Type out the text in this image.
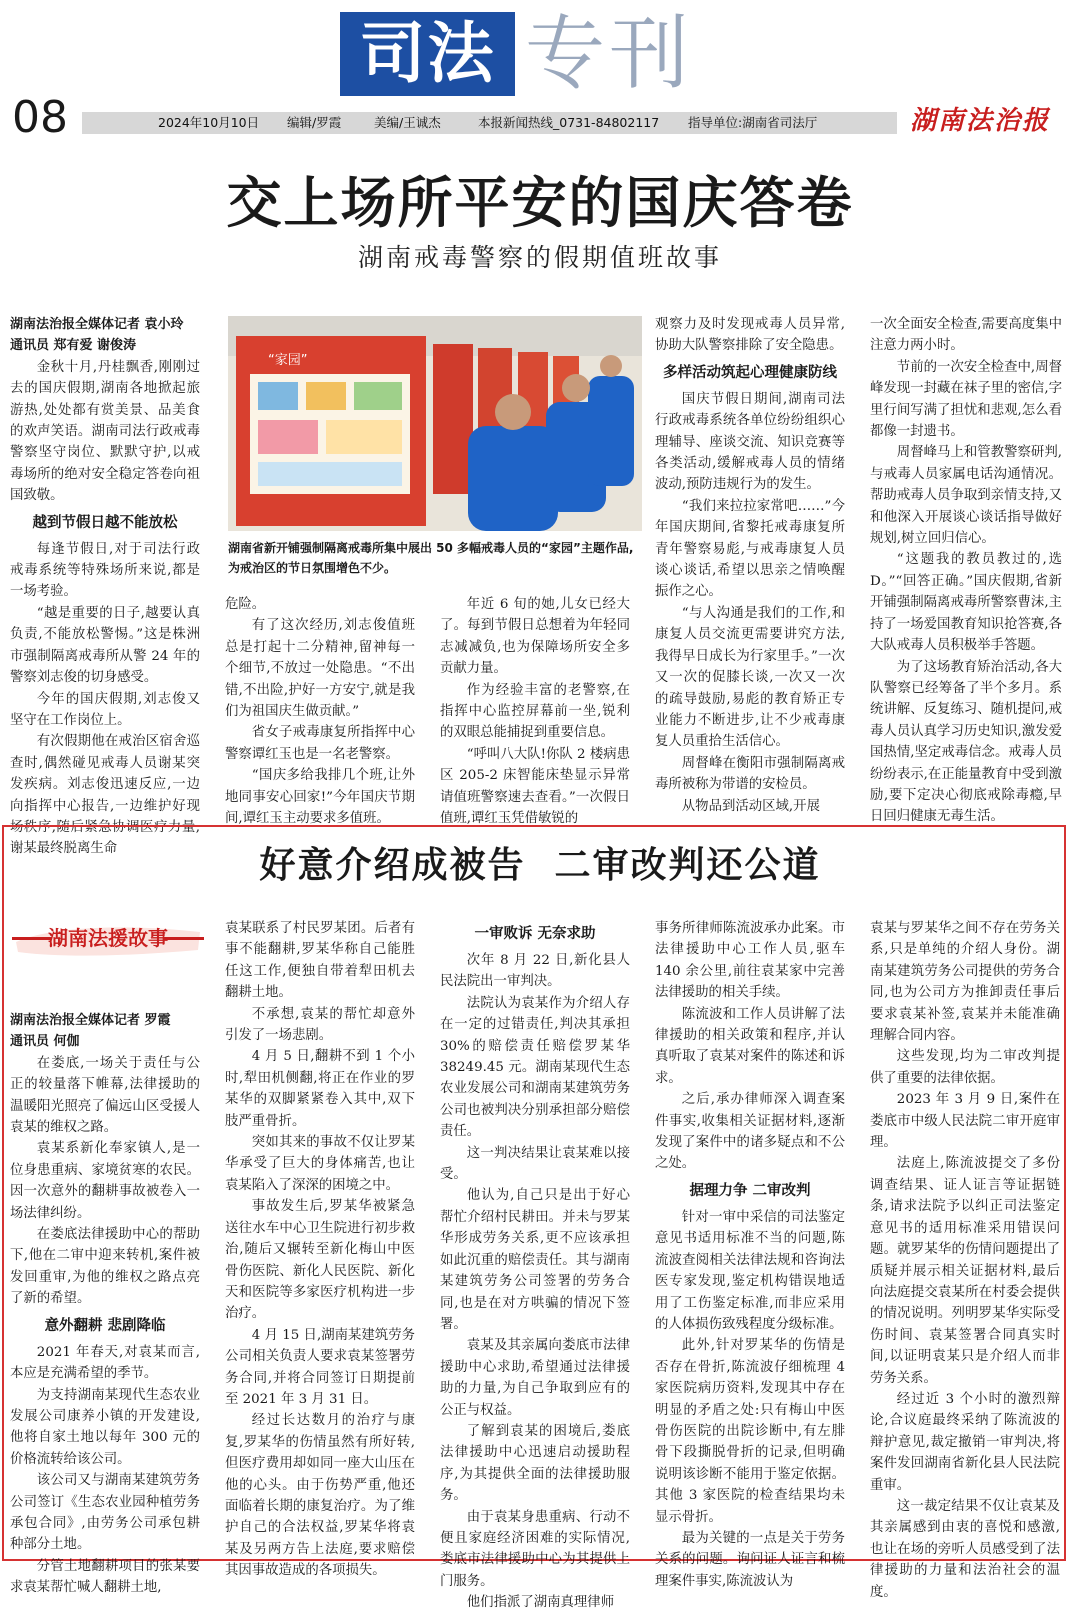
司法 专刊
08	2024年10月10日 编辑/罗霞	美编/王诚杰	本报新闻热线_0731-84802117 指导单位:湖南省司法厅	湖南法治报
交上场所平安的国庆答卷
湖南戒毒警察的假期值班故事

湖南法治报全媒体记者 袁小玲

通讯员 郑有爱 谢俊涛

金秋十月,丹桂飘香,刚刚过去的国庆假期,湖南各地掀起旅游热,处处都有赏美景、品美食的欢声笑语。湖南司法行政戒毒警察坚守岗位、默默守护,以戒毒场所的绝对安全稳定答卷向祖国致敬。

越到节假日越不能放松

每逢节假日,对于司法行政戒毒系统等特殊场所来说,都是一场考验。

“越是重要的日子,越要认真负责,不能放松警惕。”这是株洲市强制隔离戒毒所从警 24 年的警察刘志俊的切身感受。

今年的国庆假期,刘志俊又坚守在工作岗位上。

有次假期他在戒治区宿舍巡查时,偶然碰见戒毒人员谢某突发疾病。刘志俊迅速反应,一边向指挥中心报告,一边维护好现场秩序,随后紧急协调医疗力量,谢某最终脱离生命

“家园”
湖南省新开铺强制隔离戒毒所集中展出 50 多幅戒毒人员的“家园”主题作品,为戒治区的节日氛围增色不少。

危险。

有了这次经历,刘志俊值班总是打起十二分精神,留神每一个细节,不放过一处隐患。“不出错,不出险,护好一方安宁,就是我们为祖国庆生做贡献。”

省女子戒毒康复所指挥中心警察谭红玉也是一名老警察。

“国庆多给我排几个班,让外地同事安心回家!”今年国庆节期间,谭红玉主动要求多值班。

年近 6 旬的她,儿女已经大了。每到节假日总想着为年轻同志减减负,也为保障场所安全多贡献力量。

作为经验丰富的老警察,在指挥中心监控屏幕前一坐,锐利的双眼总能捕捉到重要信息。

“呼叫八大队!你队 2 楼病患区 205-2 床智能床垫显示异常请值班警察速去查看。”一次假日值班,谭红玉凭借敏锐的

观察力及时发现戒毒人员异常,协助大队警察排除了安全隐患。

多样活动筑起心理健康防线

国庆节假日期间,湖南司法行政戒毒系统各单位纷纷组织心理辅导、座谈交流、知识竞赛等各类活动,缓解戒毒人员的情绪波动,预防违规行为的发生。

“我们来拉拉家常吧……”今年国庆期间,省黎托戒毒康复所青年警察易彪,与戒毒康复人员谈心谈话,希望以思亲之情唤醒振作之心。

“与人沟通是我们的工作,和康复人员交流更需要讲究方法,我得早日成长为行家里手。”一次又一次的促膝长谈,一次又一次的疏导鼓励,易彪的教育矫正专业能力不断进步,让不少戒毒康复人员重拾生活信心。

周督峰在衡阳市强制隔离戒毒所被称为带谱的安检员。

从物品到活动区域,开展

一次全面安全检查,需要高度集中注意力两小时。

节前的一次安全检查中,周督峰发现一封藏在袜子里的密信,字里行间写满了担忧和悲观,怎么看都像一封遗书。

周督峰马上和管教警察研判,与戒毒人员家属电话沟通情况。帮助戒毒人员争取到亲情支持,又和他深入开展谈心谈话指导做好规划,树立回归信心。

“这题我的教员教过的,选 D。”“回答正确。”国庆假期,省新开铺强制隔离戒毒所警察曹沫,主持了一场爱国教育知识抢答赛,各大队戒毒人员积极举手答题。

为了这场教育矫治活动,各大队警察已经筹备了半个多月。系统讲解、反复练习、随机提问,戒毒人员认真学习历史知识,激发爱国热情,坚定戒毒信念。戒毒人员纷纷表示,在正能量教育中受到激励,要下定决心彻底戒除毒瘾,早日回归健康无毒生活。

好意介绍成被告  二审改判还公道
湖南法援故事

湖南法治报全媒体记者 罗霞

通讯员 何伽

在娄底,一场关于责任与公正的较量落下帷幕,法律援助的温暖阳光照亮了偏远山区受援人袁某的维权之路。

袁某系新化奉家镇人,是一位身患重病、家境贫寒的农民。因一次意外的翻耕事故被卷入一场法律纠纷。

在娄底法律援助中心的帮助下,他在二审中迎来转机,案件被发回重审,为他的维权之路点亮了新的希望。

意外翻耕 悲剧降临

2021 年春天,对袁某而言,本应是充满希望的季节。

为支持湖南某现代生态农业发展公司康养小镇的开发建设,他将自家土地以每年 300 元的价格流转给该公司。

该公司又与湖南某建筑劳务公司签订《生态农业园种植劳务承包合同》,由劳务公司承包耕种部分土地。

分管土地翻耕项目的张某要求袁某帮忙喊人翻耕土地,

袁某联系了村民罗某团。后者有事不能翻耕,罗某华称自己能胜任这工作,便独自带着犁田机去翻耕土地。

不承想,袁某的帮忙却意外引发了一场悲剧。

4 月 5 日,翻耕不到 1 个小时,犁田机侧翻,将正在作业的罗某华的双脚紧紧卷入其中,双下肢严重骨折。

突如其来的事故不仅让罗某华承受了巨大的身体痛苦,也让袁某陷入了深深的困境之中。

事故发生后,罗某华被紧急送往水车中心卫生院进行初步救治,随后又辗转至新化梅山中医骨伤医院、新化人民医院、新化天和医院等多家医疗机构进一步治疗。

4 月 15 日,湖南某建筑劳务公司相关负责人要求袁某签署劳务合同,并将合同签订日期提前至 2021 年 3 月 31 日。

经过长达数月的治疗与康复,罗某华的伤情虽然有所好转,但医疗费用却如同一座大山压在他的心头。由于伤势严重,他还面临着长期的康复治疗。为了维护自己的合法权益,罗某华将袁某及另两方告上法庭,要求赔偿其因事故造成的各项损失。

一审败诉 无奈求助

次年 8 月 22 日,新化县人民法院出一审判决。

法院认为袁某作为介绍人存在一定的过错责任,判决其承担 30%的赔偿责任赔偿罗某华 38249.45 元。湖南某现代生态农业发展公司和湖南某建筑劳务公司也被判决分别承担部分赔偿责任。

这一判决结果让袁某难以接受。

他认为,自己只是出于好心帮忙介绍村民耕田。并未与罗某华形成劳务关系,更不应该承担如此沉重的赔偿责任。其与湖南某建筑劳务公司签署的劳务合同,也是在对方哄骗的情况下签署。

袁某及其亲属向娄底市法律援助中心求助,希望通过法律援助的力量,为自己争取到应有的公正与权益。

了解到袁某的困境后,娄底法律援助中心迅速启动援助程序,为其提供全面的法律援助服务。

由于袁某身患重病、行动不便且家庭经济困难的实际情况,娄底市法律援助中心为其提供上门服务。

他们指派了湖南真理律师

事务所律师陈流波承办此案。市法律援助中心工作人员,驱车 140 余公里,前往袁某家中完善法律援助的相关手续。

陈流波和工作人员讲解了法律援助的相关政策和程序,并认真听取了袁某对案件的陈述和诉求。

之后,承办律师深入调查案件事实,收集相关证据材料,逐渐发现了案件中的诸多疑点和不公之处。

据理力争 二审改判

针对一审中采信的司法鉴定意见书适用标准不当的问题,陈流波查阅相关法律法规和咨询法医专家发现,鉴定机构错误地适用了工伤鉴定标准,而非应采用的人体损伤致残程度分级标准。

此外,针对罗某华的伤情是否存在骨折,陈流波仔细梳理 4 家医院病历资料,发现其中存在明显的矛盾之处:只有梅山中医骨伤医院的出院诊断中,有左腓骨下段撕脱骨折的记录,但明确说明该诊断不能用于鉴定依据。其他 3 家医院的检查结果均未显示骨折。

最为关键的一点是关于劳务关系的问题。询问证人证言和梳理案件事实,陈流波认为

袁某与罗某华之间不存在劳务关系,只是单纯的介绍人身份。湖南某建筑劳务公司提供的劳务合同,也为公司方为推卸责任事后要求袁某补签,袁某并未能准确理解合同内容。

这些发现,均为二审改判提供了重要的法律依据。

2023 年 3 月 9 日,案件在娄底市中级人民法院二审开庭审理。

法庭上,陈流波提交了多份调查结果、证人证言等证据链条,请求法院予以纠正司法鉴定意见书的适用标准采用错误问题。就罗某华的伤情问题提出了质疑并展示相关证据材料,最后向法庭提交袁某所在村委会提供的情况说明。列明罗某华实际受伤时间、袁某签署合同真实时间,以证明袁某只是介绍人而非劳务关系。

经过近 3 个小时的激烈辩论,合议庭最终采纳了陈流波的辩护意见,裁定撤销一审判决,将案件发回湖南省新化县人民法院重审。

这一裁定结果不仅让袁某及其亲属感到由衷的喜悦和感激,也让在场的旁听人员感受到了法律援助的力量和法治社会的温度。
